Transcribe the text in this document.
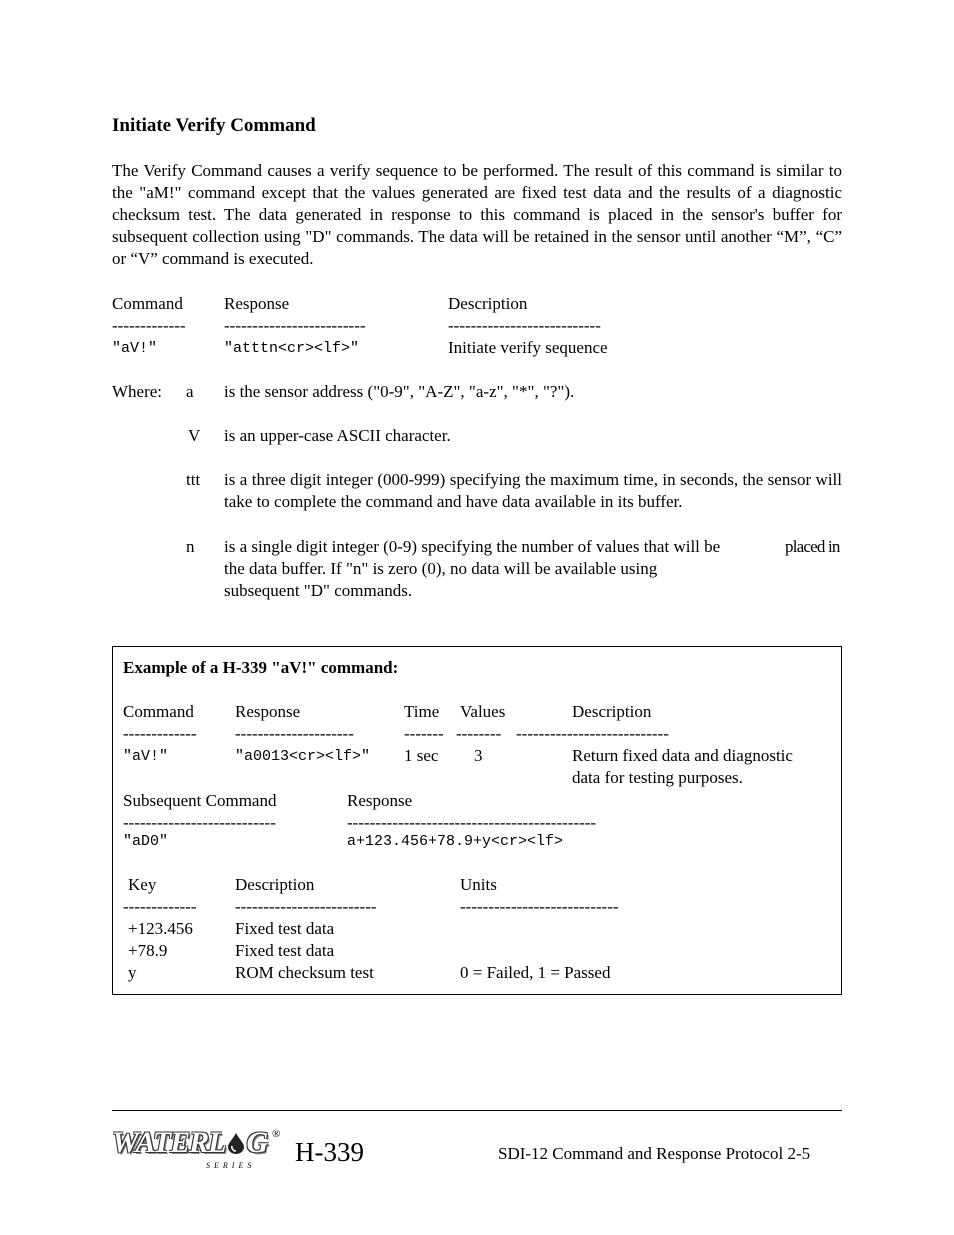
Initiate Verify Command

The Verify Command causes a verify sequence to be performed. The result of this command is similar to the "aM!" command except that the values generated are fixed test data and the results of a diagnostic checksum test. The data generated in response to this command is placed in the sensor's buffer for subsequent collection using "D" commands. The data will be retained in the sensor until another “M”, “C” or “V” command is executed.

Command Response	Description
------------- -------------------------	---------------------------
"aV!"	"atttn<cr><lf>"	Initiate verify sequence
Where: a is the sensor address ("0-9", "A-Z", "a-z", "*", "?").
V is an upper-case ASCII character.
ttt is a three digit integer (000-999) specifying the maximum time, in seconds, the sensor will take to complete the command and have data available in its buffer.
n is a single digit integer (0-9) specifying the number of values that will be	placed in
the data buffer. If "n" is zero (0), no data will be available using
subsequent "D" commands.
Example of a H-339 "aV!" command:
Command Response	Time Values	Description
------------- ---------------------	------- -------- ---------------------------
"aV!"	"a0013<cr><lf>" 1 sec 3	Return fixed data and diagnostic
data for testing purposes.
Subsequent Command	Response
---------------------------	--------------------------------------------
"aD0"	a+123.456+78.9+y<cr><lf>
Key	Description	Units
------------- -------------------------	----------------------------
+123.456 Fixed test data
+78.9	Fixed test data
y	ROM checksum test	0 = Failed, 1 = Passed
WATERL G ®
SERIES H-339	SDI-12 Command and Response Protocol 2-5
